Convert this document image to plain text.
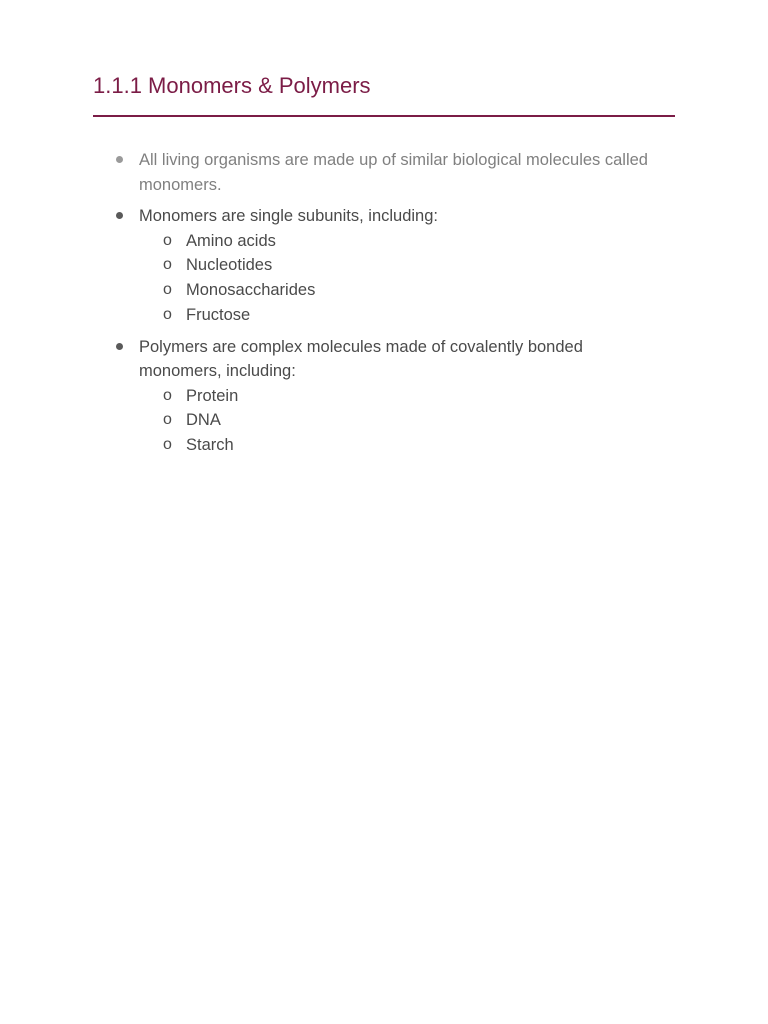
1.1.1 Monomers & Polymers
All living organisms are made up of similar biological molecules called monomers.
Monomers are single subunits, including:
o Amino acids
o Nucleotides
o Monosaccharides
o Fructose
Polymers are complex molecules made of covalently bonded monomers, including:
o Protein
o DNA
o Starch
